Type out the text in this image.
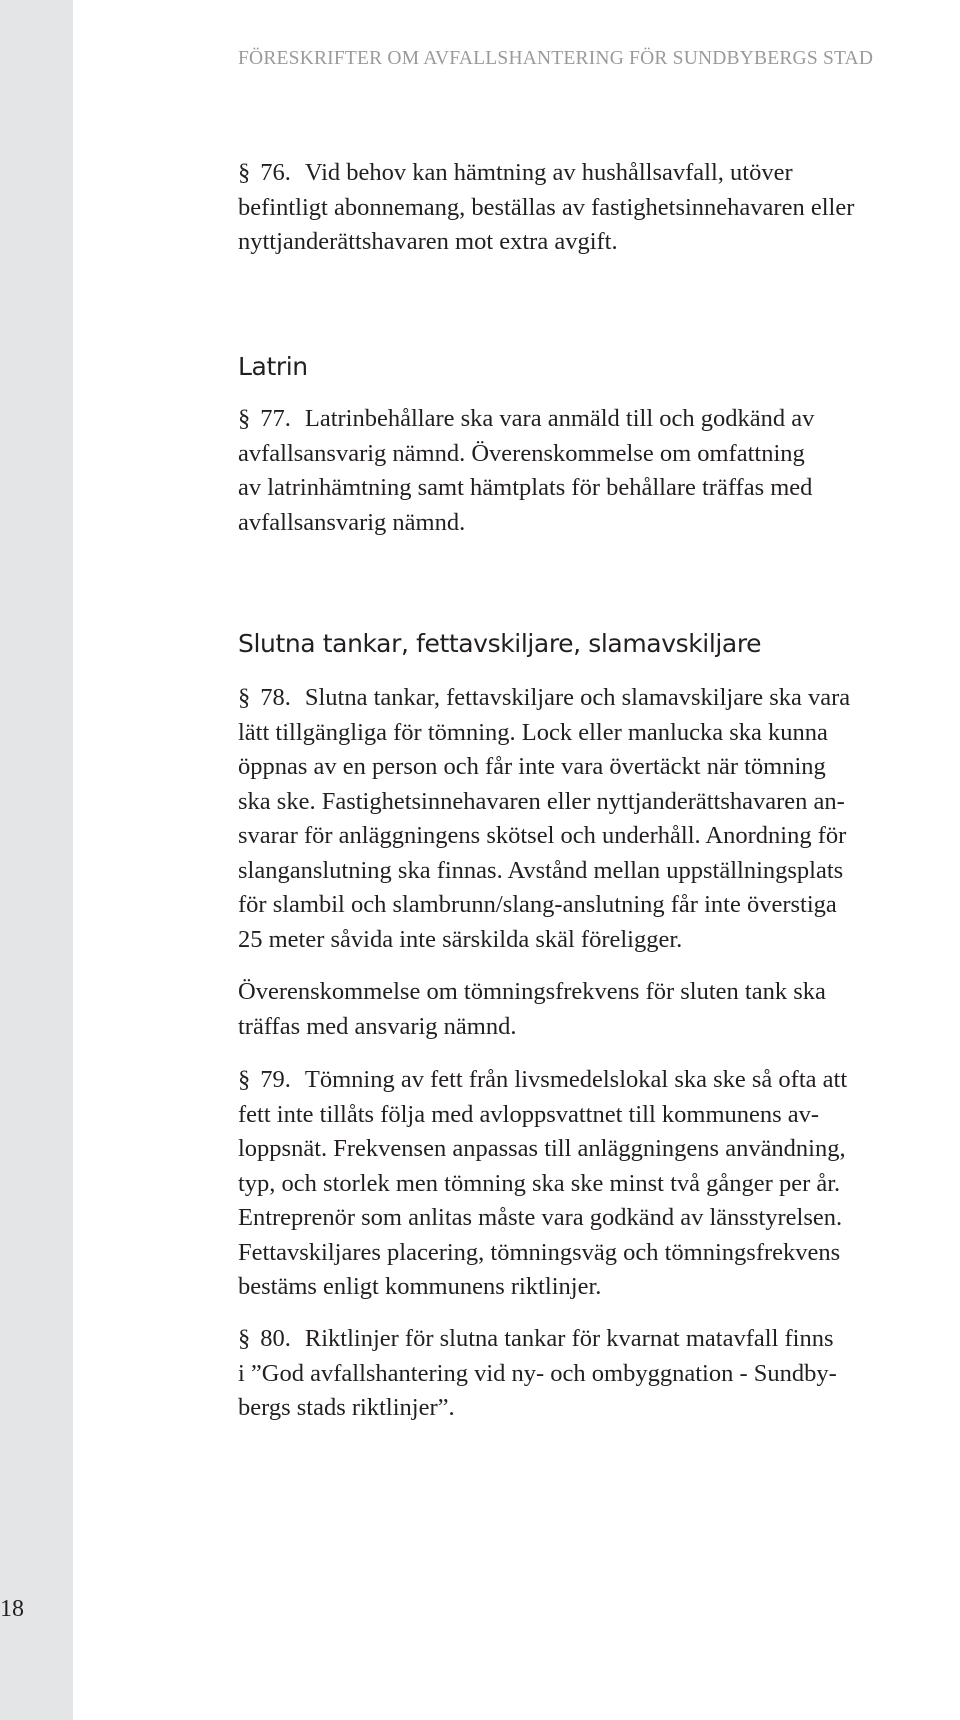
18
FÖRESKRIFTER OM AVFALLSHANTERING FÖR SUNDBYBERGS STAD
§ 76. Vid behov kan hämtning av hushållsavfall, utöver
befintligt abonnemang, beställas av fastighetsinnehavaren eller
nyttjanderättshavaren mot extra avgift.
Latrin
§ 77. Latrinbehållare ska vara anmäld till och godkänd av
avfallsansvarig nämnd. Överenskommelse om omfattning
av latrinhämtning samt hämtplats för behållare träffas med
avfallsansvarig nämnd.
Slutna tankar, fettavskiljare, slamavskiljare
§ 78. Slutna tankar, fettavskiljare och slamavskiljare ska vara
lätt tillgängliga för tömning. Lock eller manlucka ska kunna
öppnas av en person och får inte vara övertäckt när tömning
ska ske. Fastighetsinnehavaren eller nyttjanderättshavaren an-
svarar för anläggningens skötsel och underhåll. Anordning för
slanganslutning ska finnas. Avstånd mellan uppställningsplats
för slambil och slambrunn/slang-anslutning får inte överstiga
25 meter såvida inte särskilda skäl föreligger.
Överenskommelse om tömningsfrekvens för sluten tank ska
träffas med ansvarig nämnd.
§ 79. Tömning av fett från livsmedelslokal ska ske så ofta att
fett inte tillåts följa med avloppsvattnet till kommunens av-
loppsnät. Frekvensen anpassas till anläggningens användning,
typ, och storlek men tömning ska ske minst två gånger per år.
Entreprenör som anlitas måste vara godkänd av länsstyrelsen.
Fettavskiljares placering, tömningsväg och tömningsfrekvens
bestäms enligt kommunens riktlinjer.
§ 80. Riktlinjer för slutna tankar för kvarnat matavfall finns
i ”God avfallshantering vid ny- och ombyggnation - Sundby-
bergs stads riktlinjer”.
